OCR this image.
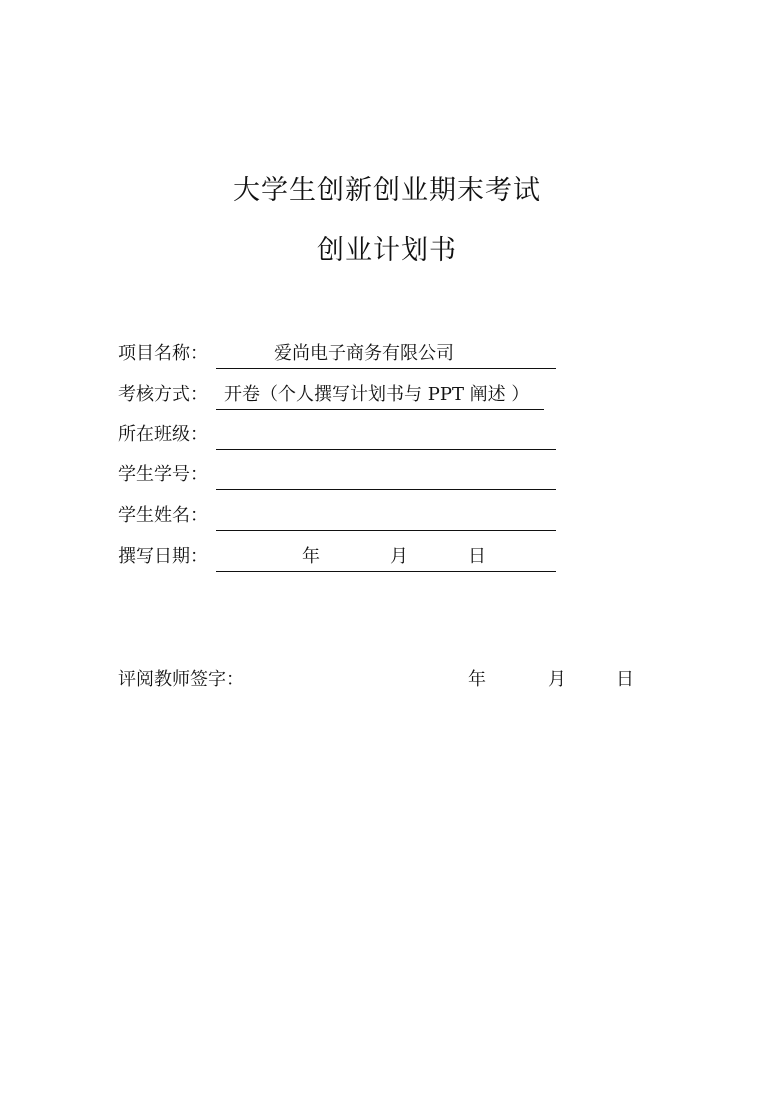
大学生创新创业期末考试
创业计划书
项目名称：	爱尚电子商务有限公司
考核方式： 开卷（个人撰写计划书与 PPT 阐述 ）
所在班级：
学生学号：
学生姓名：
撰写日期：	年	月	日
评阅教师签字：	年	月	日
